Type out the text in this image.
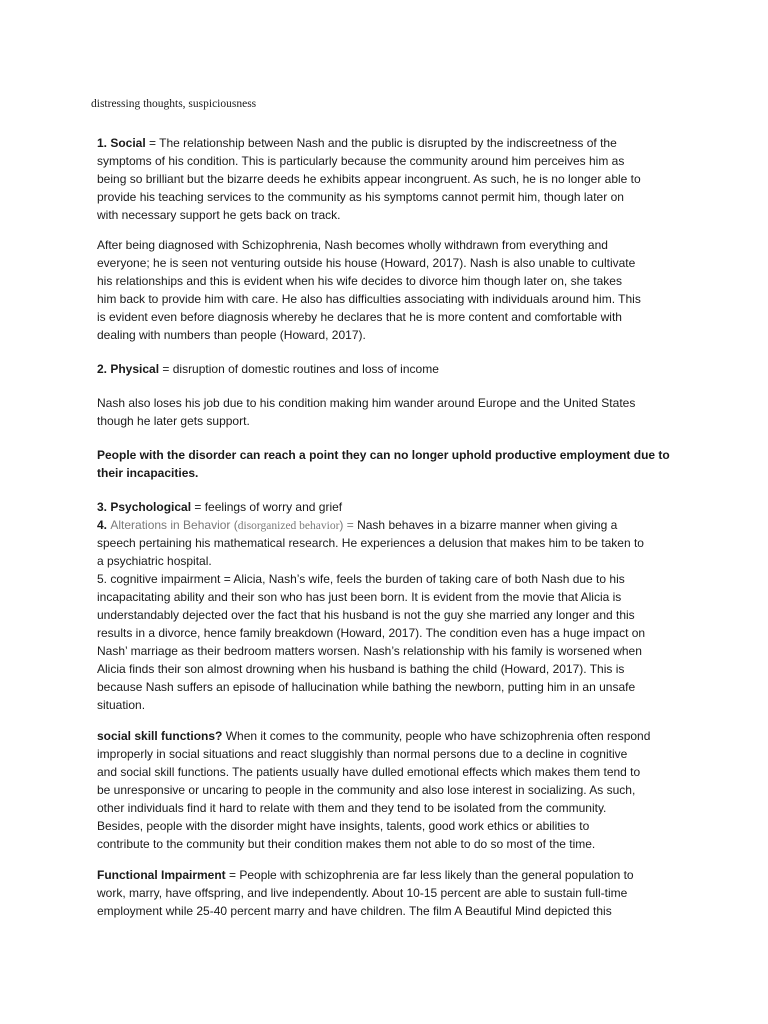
distressing thoughts, suspiciousness
1. Social = The relationship between Nash and the public is disrupted by the indiscreetness of the
symptoms of his condition. This is particularly because the community around him perceives him as
being so brilliant but the bizarre deeds he exhibits appear incongruent. As such, he is no longer able to
provide his teaching services to the community as his symptoms cannot permit him, though later on
with necessary support he gets back on track.
After being diagnosed with Schizophrenia, Nash becomes wholly withdrawn from everything and
everyone; he is seen not venturing outside his house (Howard, 2017). Nash is also unable to cultivate
his relationships and this is evident when his wife decides to divorce him though later on, she takes
him back to provide him with care. He also has difficulties associating with individuals around him. This
is evident even before diagnosis whereby he declares that he is more content and comfortable with
dealing with numbers than people (Howard, 2017).
2. Physical = disruption of domestic routines and loss of income
Nash also loses his job due to his condition making him wander around Europe and the United States
though he later gets support.
People with the disorder can reach a point they can no longer uphold productive employment due to
their incapacities.
3. Psychological = feelings of worry and grief
4. Alterations in Behavior (disorganized behavior) = Nash behaves in a bizarre manner when giving a
speech pertaining his mathematical research. He experiences a delusion that makes him to be taken to
a psychiatric hospital.
5. cognitive impairment = Alicia, Nash’s wife, feels the burden of taking care of both Nash due to his
incapacitating ability and their son who has just been born. It is evident from the movie that Alicia is
understandably dejected over the fact that his husband is not the guy she married any longer and this
results in a divorce, hence family breakdown (Howard, 2017). The condition even has a huge impact on
Nash’ marriage as their bedroom matters worsen. Nash’s relationship with his family is worsened when
Alicia finds their son almost drowning when his husband is bathing the child (Howard, 2017). This is
because Nash suffers an episode of hallucination while bathing the newborn, putting him in an unsafe
situation.
social skill functions? When it comes to the community, people who have schizophrenia often respond
improperly in social situations and react sluggishly than normal persons due to a decline in cognitive
and social skill functions. The patients usually have dulled emotional effects which makes them tend to
be unresponsive or uncaring to people in the community and also lose interest in socializing. As such,
other individuals find it hard to relate with them and they tend to be isolated from the community.
Besides, people with the disorder might have insights, talents, good work ethics or abilities to
contribute to the community but their condition makes them not able to do so most of the time.
Functional Impairment = People with schizophrenia are far less likely than the general population to
work, marry, have offspring, and live independently. About 10-15 percent are able to sustain full-time
employment while 25-40 percent marry and have children. The film A Beautiful Mind depicted this
